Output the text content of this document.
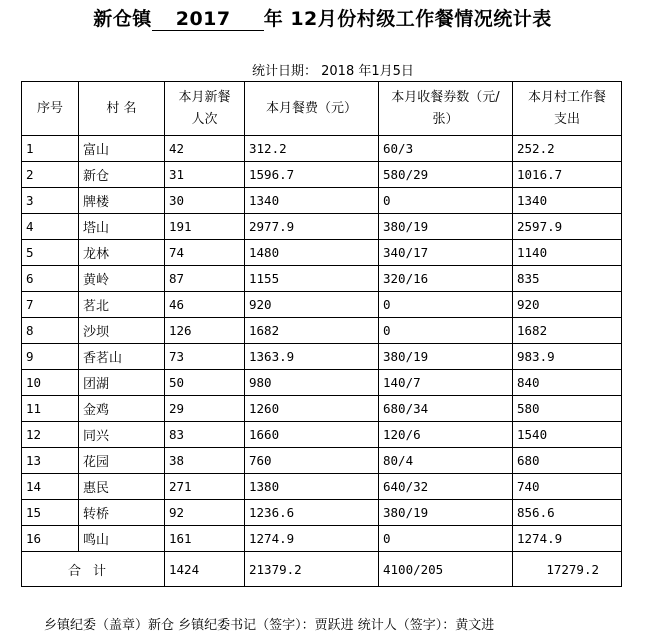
新仓镇 2017 年 12月份村级工作餐情况统计表
统计日期： 2018 年1月5日
序号	村 名	本月新餐人次	本月餐费（元）	本月收餐券数（元/张）	本月村工作餐支出
1	富山	42	312.2	60/3	252.2
2	新仓	31	1596.7	580/29	1016.7
3	牌楼	30	1340	0	1340
4	塔山	191	2977.9	380/19	2597.9
5	龙林	74	1480	340/17	1140
6	黄岭	87	1155	320/16	835
7	茗北	46	920	0	920
8	沙坝	126	1682	0	1682
9	香茗山	73	1363.9	380/19	983.9
10	团湖	50	980	140/7	840
11	金鸡	29	1260	680/34	580
12	同兴	83	1660	120/6	1540
13	花园	38	760	80/4	680
14	惠民	271	1380	640/32	740
15	转桥	92	1236.6	380/19	856.6
16	鸣山	161	1274.9	0	1274.9
合计		1424	21379.2	4100/205	17279.2
乡镇纪委（盖章）新仓 乡镇纪委书记（签字）：贾跃进 统计人（签字）：黄文进
